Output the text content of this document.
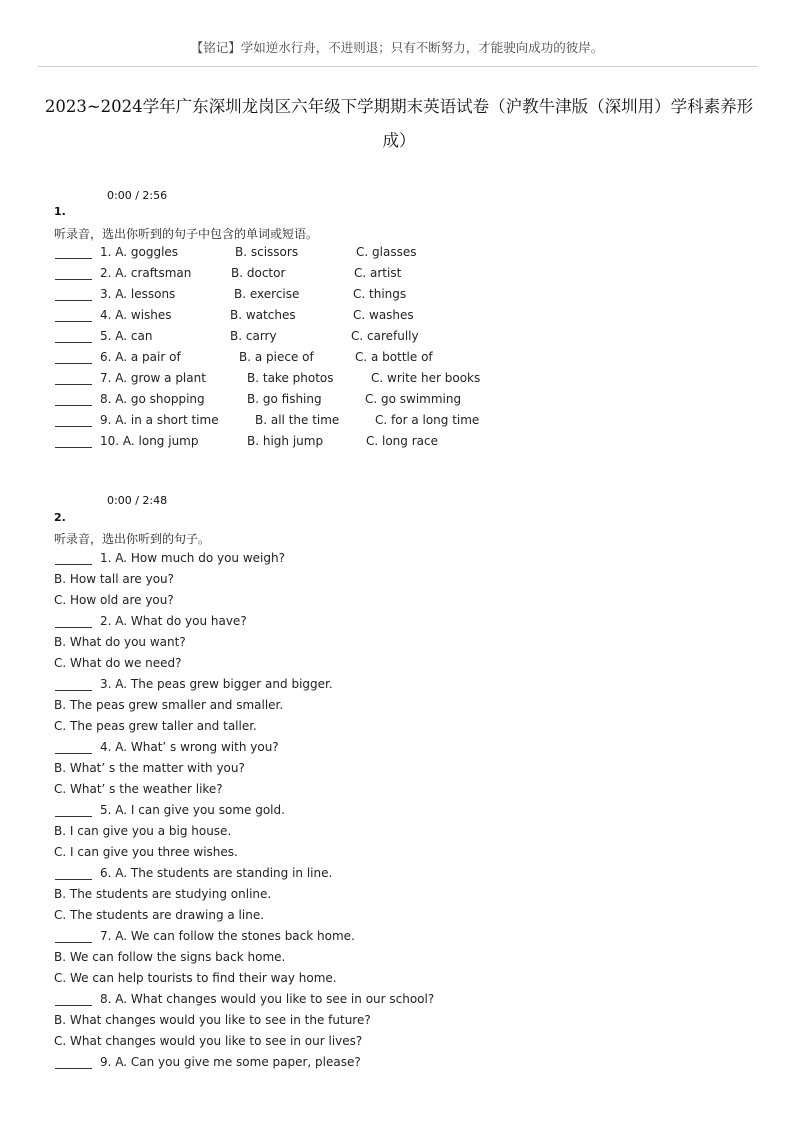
【铭记】学如逆水行舟，不进则退；只有不断努力，才能驶向成功的彼岸。
2023~2024学年广东深圳龙岗区六年级下学期期末英语试卷（沪教牛津版（深圳用）学科素养形
成）
0:00 / 2:56
1.
听录音，选出你听到的句子中包含的单词或短语。
1. A. goggles	B. scissors	C. glasses
2. A. craftsman	B. doctor	C. artist
3. A. lessons	B. exercise	C. things
4. A. wishes	B. watches	C. washes
5. A. can	B. carry	C. carefully
6. A. a pair of	B. a piece of	C. a bottle of
7. A. grow a plant	B. take photos	C. write her books
8. A. go shopping	B. go fishing	C. go swimming
9. A. in a short time	B. all the time	C. for a long time
10. A. long jump	B. high jump	C. long race
0:00 / 2:48
2.
听录音，选出你听到的句子。
1. A. How much do you weigh?
B. How tall are you?
C. How old are you?
2. A. What do you have?
B. What do you want?
C. What do we need?
3. A. The peas grew bigger and bigger.
B. The peas grew smaller and smaller.
C. The peas grew taller and taller.
4. A. What’ s wrong with you?
B. What’ s the matter with you?
C. What’ s the weather like?
5. A. I can give you some gold.
B. I can give you a big house.
C. I can give you three wishes.
6. A. The students are standing in line.
B. The students are studying online.
C. The students are drawing a line.
7. A. We can follow the stones back home.
B. We can follow the signs back home.
C. We can help tourists to find their way home.
8. A. What changes would you like to see in our school?
B. What changes would you like to see in the future?
C. What changes would you like to see in our lives?
9. A. Can you give me some paper, please?
